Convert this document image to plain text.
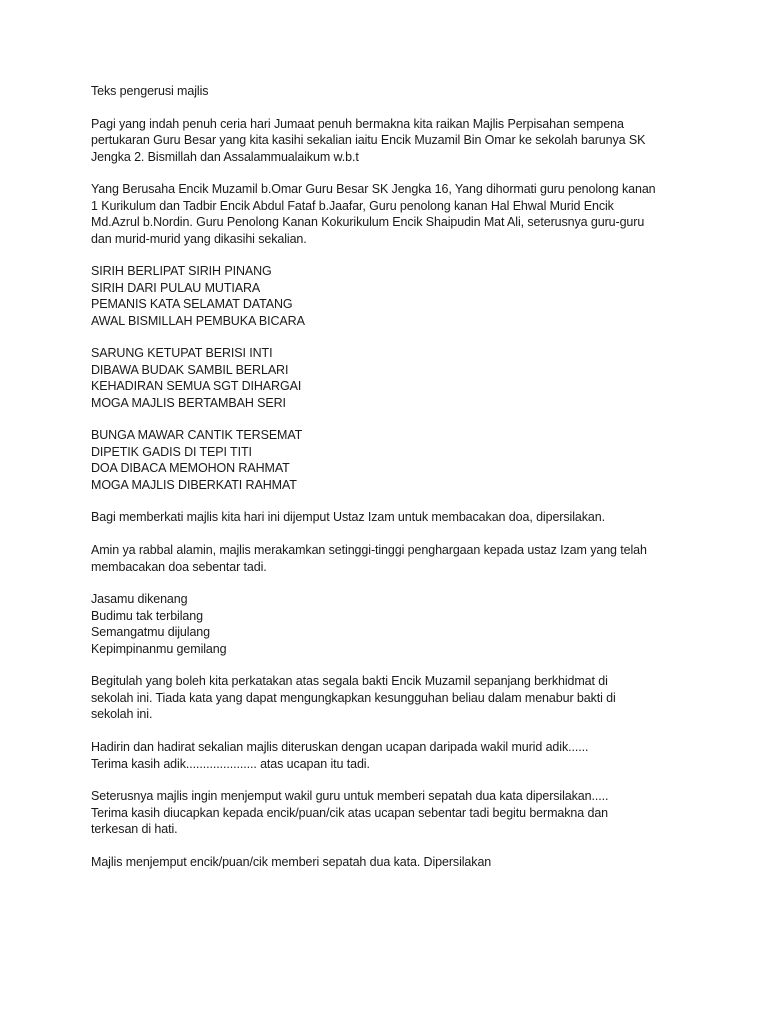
Teks pengerusi majlis

Pagi yang indah penuh ceria hari Jumaat penuh bermakna kita raikan Majlis Perpisahan sempena
pertukaran Guru Besar yang kita kasihi sekalian iaitu Encik Muzamil Bin Omar ke sekolah barunya SK
Jengka 2. Bismillah dan Assalammualaikum w.b.t

Yang Berusaha Encik Muzamil b.Omar Guru Besar SK Jengka 16, Yang dihormati guru penolong kanan
1 Kurikulum dan Tadbir Encik Abdul Fataf b.Jaafar, Guru penolong kanan Hal Ehwal Murid Encik
Md.Azrul b.Nordin. Guru Penolong Kanan Kokurikulum Encik Shaipudin Mat Ali, seterusnya guru-guru
dan murid-murid yang dikasihi sekalian.

SIRIH BERLIPAT SIRIH PINANG
SIRIH DARI PULAU MUTIARA
PEMANIS KATA SELAMAT DATANG
AWAL BISMILLAH PEMBUKA BICARA
SARUNG KETUPAT BERISI INTI
DIBAWA BUDAK SAMBIL BERLARI
KEHADIRAN SEMUA SGT DIHARGAI
MOGA MAJLIS BERTAMBAH SERI
BUNGA MAWAR CANTIK TERSEMAT
DIPETIK GADIS DI TEPI TITI
DOA DIBACA MEMOHON RAHMAT
MOGA MAJLIS DIBERKATI RAHMAT

Bagi memberkati majlis kita hari ini dijemput Ustaz Izam untuk membacakan doa, dipersilakan.

Amin ya rabbal alamin, majlis merakamkan setinggi-tinggi penghargaan kepada ustaz Izam yang telah
membacakan doa sebentar tadi.

Jasamu dikenang
Budimu tak terbilang
Semangatmu dijulang
Kepimpinanmu gemilang

Begitulah yang boleh kita perkatakan atas segala bakti Encik Muzamil sepanjang berkhidmat di
sekolah ini. Tiada kata yang dapat mengungkapkan kesungguhan beliau dalam menabur bakti di
sekolah ini.

Hadirin dan hadirat sekalian majlis diteruskan dengan ucapan daripada wakil murid adik......
Terima kasih adik..................... atas ucapan itu tadi.

Seterusnya majlis ingin menjemput wakil guru untuk memberi sepatah dua kata dipersilakan.....
Terima kasih diucapkan kepada encik/puan/cik atas ucapan sebentar tadi begitu bermakna dan
terkesan di hati.

Majlis menjemput encik/puan/cik memberi sepatah dua kata. Dipersilakan
